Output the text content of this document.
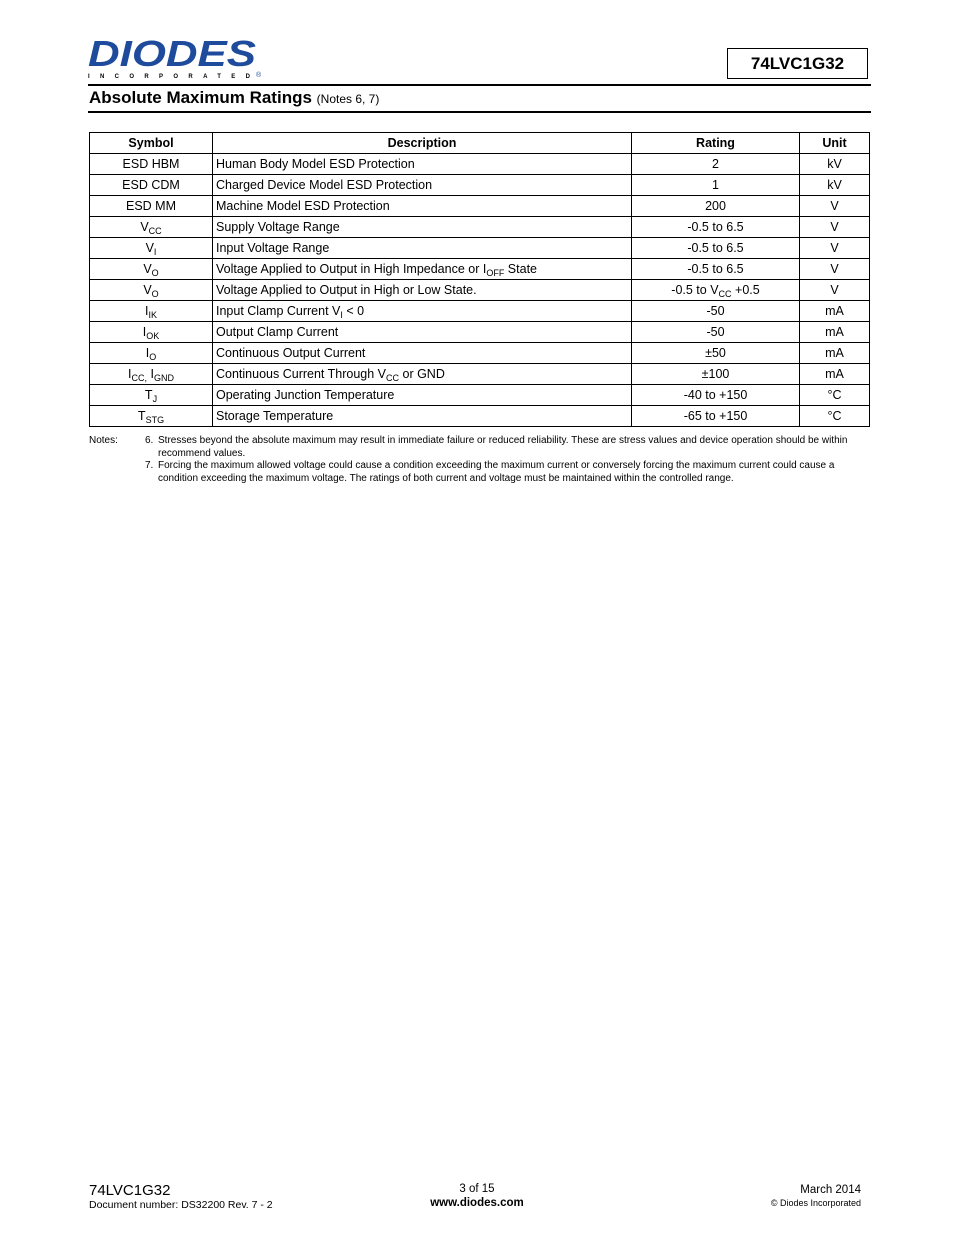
DIODES
INCORPORATED ®
74LVC1G32
Absolute Maximum Ratings (Notes 6, 7)
Symbol	Description	Rating	Unit
ESD HBM	Human Body Model ESD Protection	2	kV
ESD CDM	Charged Device Model ESD Protection	1	kV
ESD MM	Machine Model ESD Protection	200	V
$V_{CC}$	Supply Voltage Range	-0.5 to 6.5	V
$V_I$	Input Voltage Range	-0.5 to 6.5	V
$V_O$	Voltage Applied to Output in High Impedance or $I_{OFF}$ State	-0.5 to 6.5	V
$V_O$	Voltage Applied to Output in High or Low State.	-0.5 to $V_{CC} +0.5$	V
$I_{IK}$	Input Clamp Current $V_I < 0$	-50	mA
$I_{OK}$	Output Clamp Current	-50	mA
$I_O$	Continuous Output Current	±50	mA
$I_{CC,}$ $I_{GND}$	Continuous Current Through $V_{CC}$ or GND	±100	mA
$T_J$	Operating Junction Temperature	-40 to +150	°C
$T_{STG}$	Storage Temperature	-65 to +150	°C
Notes:	6. Stresses beyond the absolute maximum may result in immediate failure or reduced reliability. These are stress values and device operation should be within recommend values.
7. Forcing the maximum allowed voltage could cause a condition exceeding the maximum current or conversely forcing the maximum current could cause a condition exceeding the maximum voltage. The ratings of both current and voltage must be maintained within the controlled range.
74LVC1G32
Document number: DS32200 Rev. 7 - 2
3 of 15
www.diodes.com
March 2014
© Diodes Incorporated
